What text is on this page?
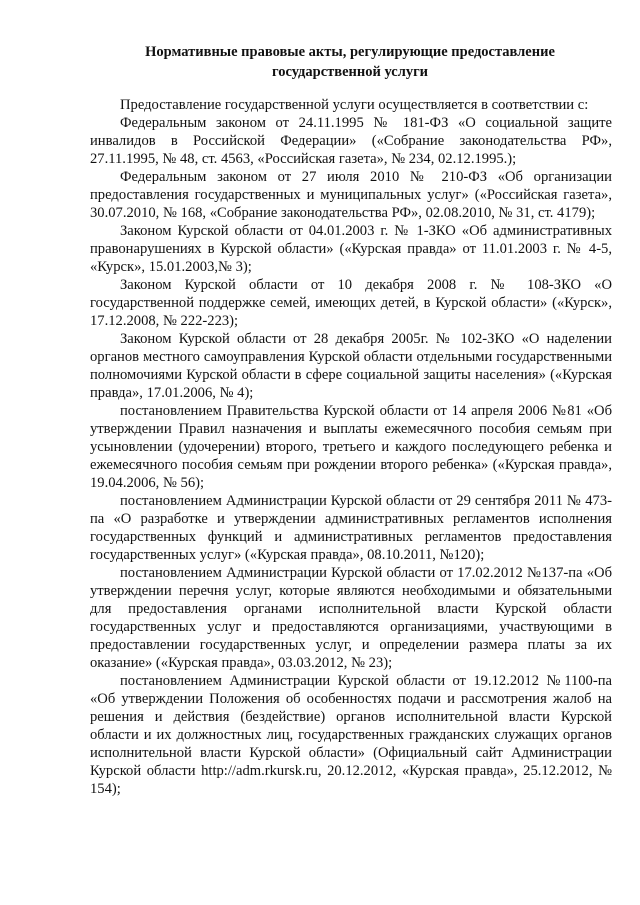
Нормативные правовые акты, регулирующие предоставление
государственной услуги

Предоставление государственной услуги осуществляется в соответствии с:

Федеральным законом от 24.11.1995 № 181-ФЗ «О социальной защите инвалидов в Российской Федерации» («Собрание законодательства РФ», 27.11.1995, № 48, ст. 4563, «Российская газета», № 234, 02.12.1995.);

Федеральным законом от 27 июля 2010 № 210-ФЗ «Об организации предоставления государственных и муниципальных услуг» («Российская газета», 30.07.2010, № 168, «Собрание законодательства РФ», 02.08.2010, № 31, ст. 4179);

Законом Курской области от 04.01.2003 г. № 1-ЗКО «Об административных правонарушениях в Курской области» («Курская правда» от 11.01.2003 г. № 4-5, «Курск», 15.01.2003,№ 3);

Законом Курской области от 10 декабря 2008 г. № 108-ЗКО «О государственной поддержке семей, имеющих детей, в Курской области» («Курск», 17.12.2008, № 222-223);

Законом Курской области от 28 декабря 2005г. № 102-ЗКО «О наделении органов местного самоуправления Курской области отдельными государственными полномочиями Курской области в сфере социальной защиты населения» («Курская правда», 17.01.2006, № 4);

постановлением Правительства Курской области от 14 апреля 2006 №81 «Об утверждении Правил назначения и выплаты ежемесячного пособия семьям при усыновлении (удочерении) второго, третьего и каждого последующего ребенка и ежемесячного пособия семьям при рождении второго ребенка» («Курская правда», 19.04.2006, № 56);

постановлением Администрации Курской области от 29 сентября 2011 № 473-па «О разработке и утверждении административных регламентов исполнения государственных функций и административных регламентов предоставления государственных услуг» («Курская правда», 08.10.2011, №120);

постановлением Администрации Курской области от 17.02.2012 №137-па «Об утверждении перечня услуг, которые являются необходимыми и обязательными для предоставления органами исполнительной власти Курской области государственных услуг и предоставляются организациями, участвующими в предоставлении государственных услуг, и определении размера платы за их оказание» («Курская правда», 03.03.2012, № 23);

постановлением Администрации Курской области от 19.12.2012 №1100-па «Об утверждении Положения об особенностях подачи и рассмотрения жалоб на решения и действия (бездействие) органов исполнительной власти Курской области и их должностных лиц, государственных гражданских служащих органов исполнительной власти Курской области» (Официальный сайт Администрации Курской области http://adm.rkursk.ru, 20.12.2012, «Курская правда», 25.12.2012, № 154);
